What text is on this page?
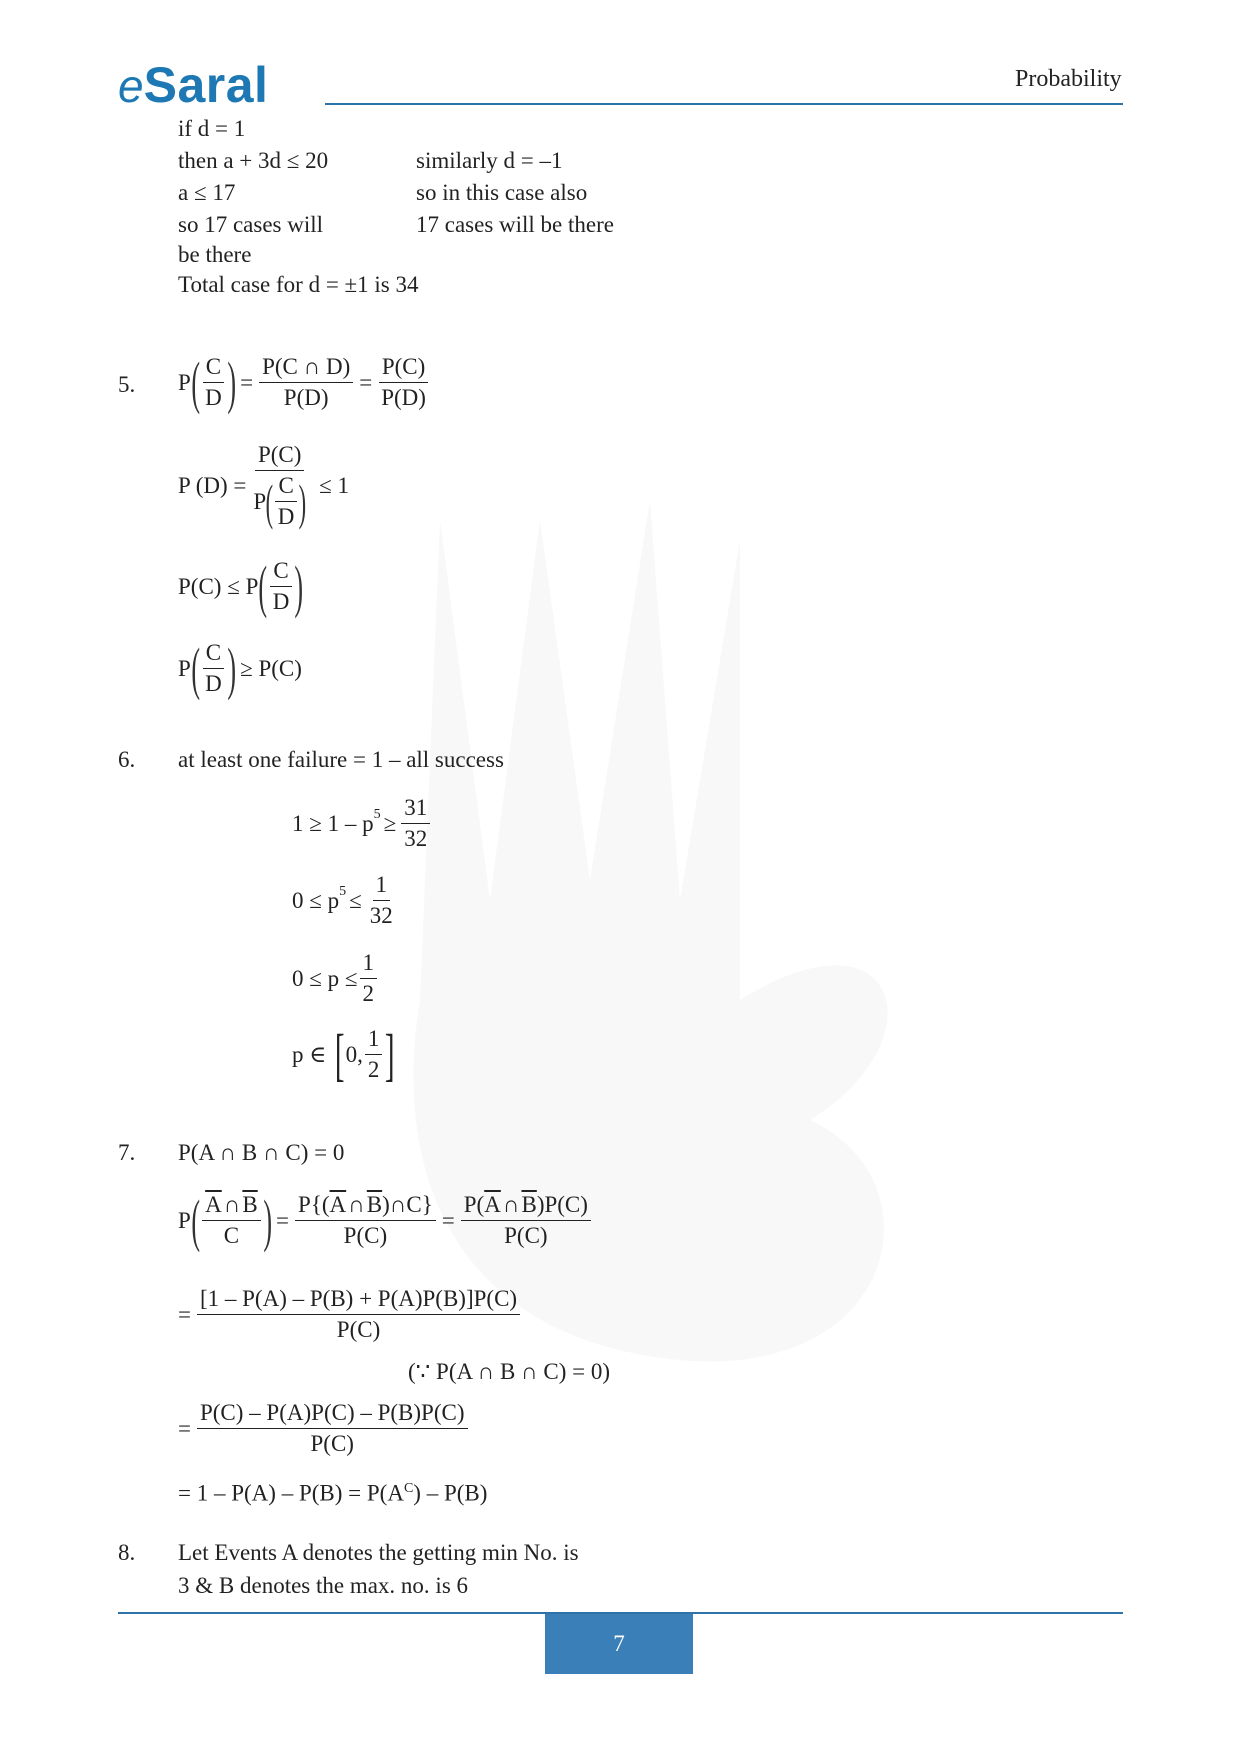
eSaral	Probability
if d = 1
then a + 3d ≤ 20
a ≤ 17
so 17 cases will
be there
Total case for d = ±1 is 34
similarly d = –1
so in this case also
17 cases will be there
5. P ( $\frac{C}{D}$ ) = $\frac{P(C \cap D)}{P(D)} = \frac{P(C)}{P(D)}$
P $(D) = \frac{P(C)}{P ( \frac{C}{D} )} \le 1$
P(C) ≤ P ( $\frac{C}{D}$ )
P ( $\frac{C}{D}$ ) ≥ P(C)
6. at least one failure = 1 – all success
$1 \ge 1 - p^5 \ge \frac{31}{32}$
$0 \le p^5 \le \frac{1}{32}$
$0 \le p \le \frac{1}{2}$
p ∈ [ 0, $\frac{1}{2}$ ]
7. P(A ∩ B ∩ C) = 0
P ( $\frac{\overline{A}\cap\overline{B}}{C}$ ) = $\frac{P\{(\overline{A}\cap\overline{B})\cap C\}}{P(C)} = \frac{P(\overline{A}\cap\overline{B})P(C)}{P(C)}$
= $\frac{[1 - P(A) - P(B) + P(A)P(B)]P(C)}{P(C)}$
(∵ P(A ∩ B ∩ C) = 0)
= $\frac{P(C) - P(A)P(C) - P(B)P(C)}{P(C)}$
= $1 - P(A) - P(B) = P(A^C) - P(B)$
8. Let Events A denotes the getting min No. is
3 & B denotes the max. no. is 6
7
